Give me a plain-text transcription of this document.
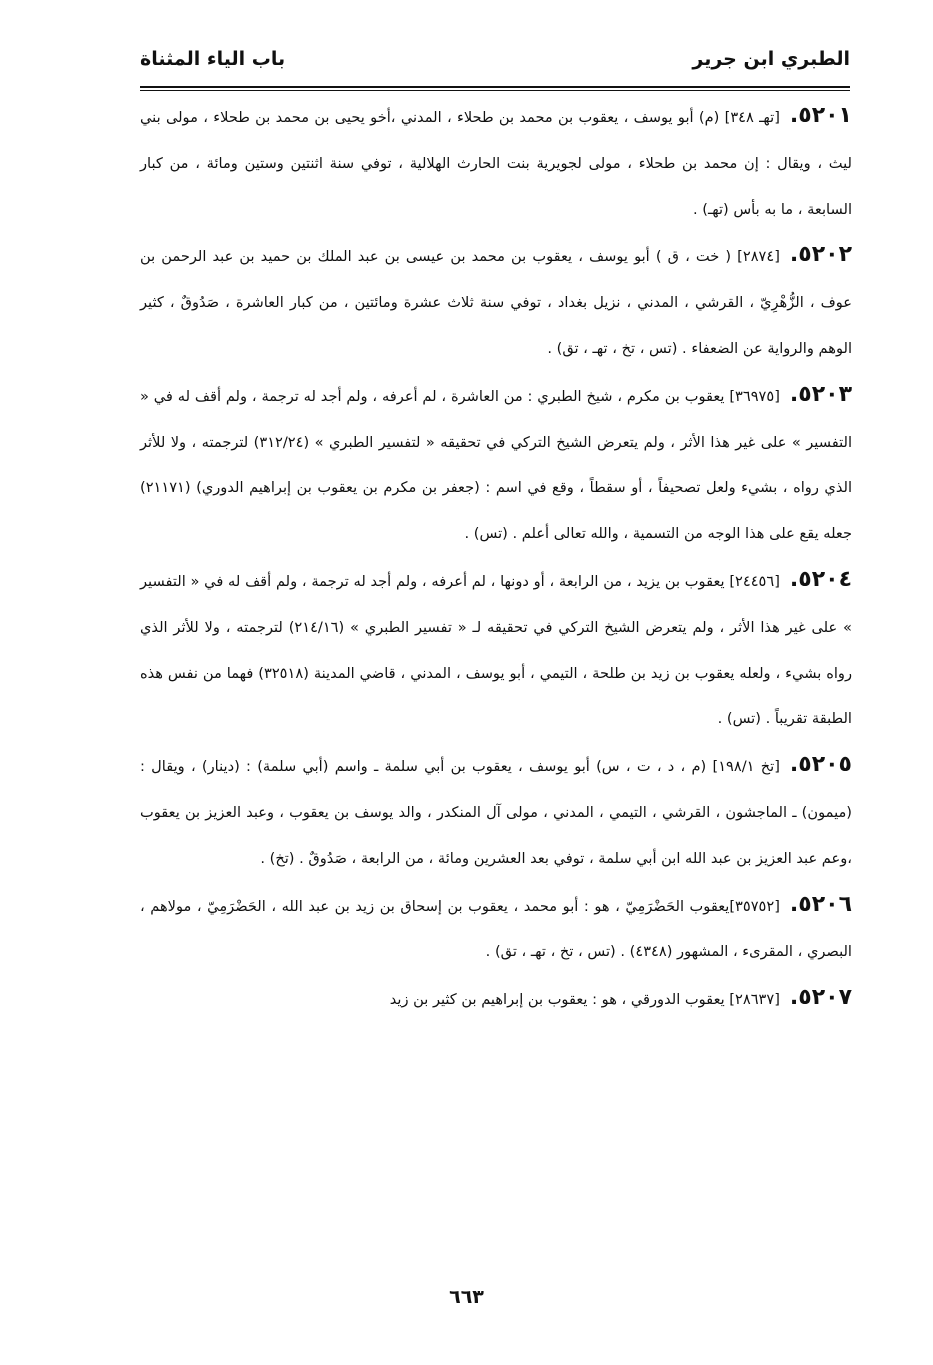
الطبري ابن جرير
باب الياء المثناة

٥٢٠١.[تهـ ٣٤٨] (م) أبو يوسف ، يعقوب بن محمد بن طحلاء ، المدني ،أخو يحيى بن محمد بن طحلاء ، مولى بني ليث ، ويقال : إن محمد بن طحلاء ، مولى لجويرية بنت الحارث الهلالية ، توفي سنة اثنتين وستين ومائة ، من كبار السابعة ، ما به بأس (تهـ) .

٥٢٠٢.[٢٨٧٤] ( خت ، ق ) أبو يوسف ، يعقوب بن محمد بن عيسى بن عبد الملك بن حميد بن عبد الرحمن بن عوف ، الزُّهْرِيّ ، القرشي ، المدني ، نزيل بغداد ، توفي سنة ثلاث عشرة ومائتين ، من كبار العاشرة ، صَدُوقٌ ، كثير الوهم والرواية عن الضعفاء . (تس ، تخ ، تهـ ، تق) .

٥٢٠٣.[٣٦٩٧٥] يعقوب بن مكرم ، شيخ الطبري : من العاشرة ، لم أعرفه ، ولم أجد له ترجمة ، ولم أقف له في « التفسير » على غير هذا الأثر ، ولم يتعرض الشيخ التركي في تحقيقه « لتفسير الطبري » (٣١٢/٢٤) لترجمته ، ولا للأثر الذي رواه ، بشيء ولعل تصحيفاً ، أو سقطاً ، وقع في اسم : (جعفر بن مكرم بن يعقوب بن إبراهيم الدوري) (٢١١٧١) جعله يقع على هذا الوجه من التسمية ، والله تعالى أعلم . (تس) .

٥٢٠٤.[٢٤٤٥٦] يعقوب بن يزيد ، من الرابعة ، أو دونها ، لم أعرفه ، ولم أجد له ترجمة ، ولم أقف له في « التفسير » على غير هذا الأثر ، ولم يتعرض الشيخ التركي في تحقيقه لـ « تفسير الطبري » (٢١٤/١٦) لترجمته ، ولا للأثر الذي رواه بشيء ، ولعله يعقوب بن زيد بن طلحة ، التيمي ، أبو يوسف ، المدني ، قاضي المدينة (٣٢٥١٨) فهما من نفس هذه الطبقة تقريباً . (تس) .

٥٢٠٥.[تخ ١٩٨/١] (م ، د ، ت ، س) أبو يوسف ، يعقوب بن أبي سلمة ـ واسم (أبي سلمة) : (دينار) ، ويقال : (ميمون) ـ الماجشون ، القرشي ، التيمي ، المدني ، مولى آل المنكدر ، والد يوسف بن يعقوب ، وعبد العزيز بن يعقوب ،وعم عبد العزيز بن عبد الله ابن أبي سلمة ، توفي بعد العشرين ومائة ، من الرابعة ، صَدُوقٌ . (تخ) .

٥٢٠٦.[٣٥٧٥٢]يعقوب الحَضْرَمِيّ ، هو : أبو محمد ، يعقوب بن إسحاق بن زيد بن عبد الله ، الحَضْرَمِيّ ، مولاهم ، البصري ، المقرىء ، المشهور (٤٣٤٨) . (تس ، تخ ، تهـ ، تق) .

٥٢٠٧.[٢٨٦٣٧] يعقوب الدورقي ، هو : يعقوب بن إبراهيم بن كثير بن زيد

٦٦٣
